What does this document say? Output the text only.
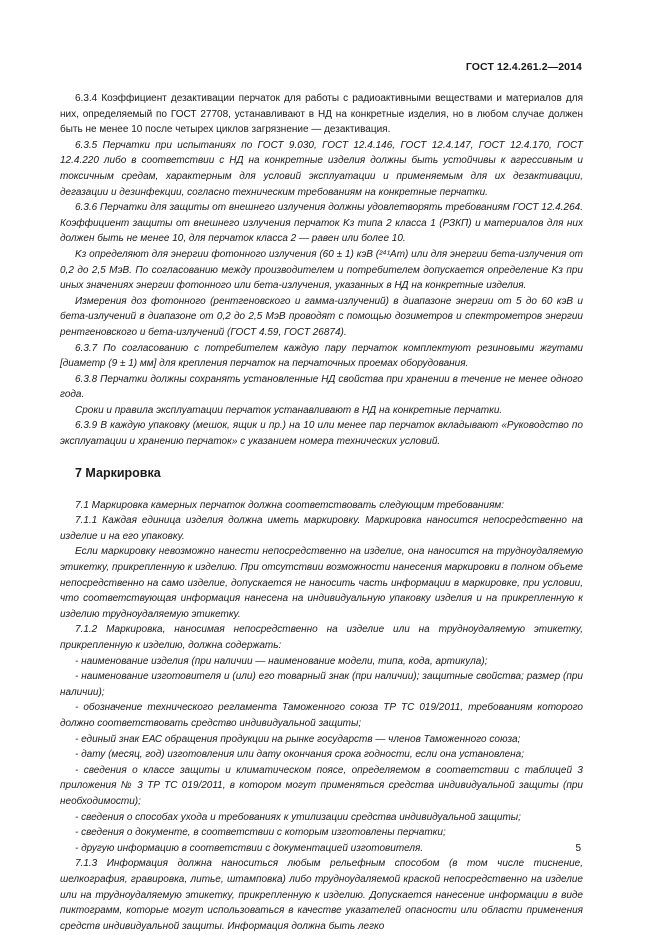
ГОСТ 12.4.261.2—2014

6.3.4 Коэффициент дезактивации перчаток для работы с радиоактивными веществами и материалов для них, определяемый по ГОСТ 27708, устанавливают в НД на конкретные изделия, но в любом случае должен быть не менее 10 после четырех циклов загрязнение — дезактивация.

6.3.5 Перчатки при испытаниях по ГОСТ 9.030, ГОСТ 12.4.146, ГОСТ 12.4.147, ГОСТ 12.4.170, ГОСТ 12.4.220 либо в соответствии с НД на конкретные изделия должны быть устойчивы к агрессивным и токсичным средам, характерным для условий эксплуатации и применяемым для их дезактивации, дегазации и дезинфекции, согласно техническим требованиям на конкретные перчатки.

6.3.6 Перчатки для защиты от внешнего излучения должны удовлетворять требованиям ГОСТ 12.4.264. Коэффициент защиты от внешнего излучения перчаток Kз типа 2 класса 1 (РЗКП) и материалов для них должен быть не менее 10, для перчаток класса 2 — равен или более 10.

Kз определяют для энергии фотонного излучения (60 ± 1) кэВ (²⁴¹Am) или для энергии бета-излучения от 0,2 до 2,5 МэВ. По согласованию между производителем и потребителем допускается определение Kз при иных значениях энергии фотонного или бета-излучения, указанных в НД на конкретные изделия.

Измерения доз фотонного (рентгеновского и гамма-излучений) в диапазоне энергии от 5 до 60 кэВ и бета-излучений в диапазоне от 0,2 до 2,5 МэВ проводят с помощью дозиметров и спектрометров энергии рентгеновского и бета-излучений (ГОСТ 4.59, ГОСТ 26874).

6.3.7 По согласованию с потребителем каждую пару перчаток комплектуют резиновыми жгутами [диаметр (9 ± 1) мм] для крепления перчаток на перчаточных проемах оборудования.

6.3.8 Перчатки должны сохранять установленные НД свойства при хранении в течение не менее одного года.

Сроки и правила эксплуатации перчаток устанавливают в НД на конкретные перчатки.

6.3.9 В каждую упаковку (мешок, ящик и пр.) на 10 или менее пар перчаток вкладывают «Руководство по эксплуатации и хранению перчаток» с указанием номера технических условий.

7 Маркировка

7.1 Маркировка камерных перчаток должна соответствовать следующим требованиям:

7.1.1 Каждая единица изделия должна иметь маркировку. Маркировка наносится непосредственно на изделие и на его упаковку.

Если маркировку невозможно нанести непосредственно на изделие, она наносится на трудноудаляемую этикетку, прикрепленную к изделию. При отсутствии возможности нанесения маркировки в полном объеме непосредственно на само изделие, допускается не наносить часть информации в маркировке, при условии, что соответствующая информация нанесена на индивидуальную упаковку изделия и на прикрепленную к изделию трудноудаляемую этикетку.

7.1.2 Маркировка, наносимая непосредственно на изделие или на трудноудаляемую этикетку, прикрепленную к изделию, должна содержать:

- наименование изделия (при наличии — наименование модели, типа, кода, артикула);

- наименование изготовителя и (или) его товарный знак (при наличии); защитные свойства; размер (при наличии);

- обозначение технического регламента Таможенного союза ТР ТС 019/2011, требованиям которого должно соответствовать средство индивидуальной защиты;

- единый знак ЕАС обращения продукции на рынке государств — членов Таможенного союза;

- дату (месяц, год) изготовления или дату окончания срока годности, если она установлена;

- сведения о классе защиты и климатическом поясе, определяемом в соответствии с таблицей 3 приложения № 3 ТР ТС 019/2011, в котором могут применяться средства индивидуальной защиты (при необходимости);

- сведения о способах ухода и требованиях к утилизации средства индивидуальной защиты;

- сведения о документе, в соответствии с которым изготовлены перчатки;

- другую информацию в соответствии с документацией изготовителя.

7.1.3 Информация должна наноситься любым рельефным способом (в том числе тиснение, шелкография, гравировка, литье, штамповка) либо трудноудаляемой краской непосредственно на изделие или на трудноудаляемую этикетку, прикрепленную к изделию. Допускается нанесение информации в виде пиктограмм, которые могут использоваться в качестве указателей опасности или области применения средств индивидуальной защиты. Информация должна быть легко

5
